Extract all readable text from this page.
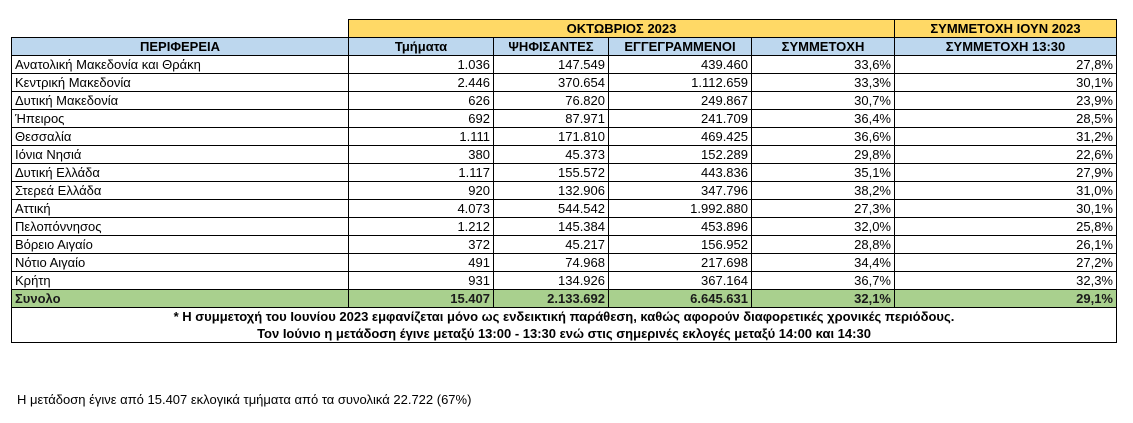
	ΟΚΤΩΒΡΙΟΣ 2023				ΣΥΜΜΕΤΟΧΗ ΙΟΥΝ 2023
ΠΕΡΙΦΕΡΕΙΑ	Τμήματα	ΨΗΦΙΣΑΝΤΕΣ	ΕΓΓΕΓΡΑΜΜΕΝΟΙ	ΣΥΜΜΕΤΟΧΗ	ΣΥΜΜΕΤΟΧΗ 13:30
Ανατολική Μακεδονία και Θράκη	1.036	147.549	439.460	33,6%	27,8%
Κεντρική Μακεδονία	2.446	370.654	1.112.659	33,3%	30,1%
Δυτική Μακεδονία	626	76.820	249.867	30,7%	23,9%
Ήπειρος	692	87.971	241.709	36,4%	28,5%
Θεσσαλία	1.111	171.810	469.425	36,6%	31,2%
Ιόνια Νησιά	380	45.373	152.289	29,8%	22,6%
Δυτική Ελλάδα	1.117	155.572	443.836	35,1%	27,9%
Στερεά Ελλάδα	920	132.906	347.796	38,2%	31,0%
Αττική	4.073	544.542	1.992.880	27,3%	30,1%
Πελοπόννησος	1.212	145.384	453.896	32,0%	25,8%
Βόρειο Αιγαίο	372	45.217	156.952	28,8%	26,1%
Νότιο Αιγαίο	491	74.968	217.698	34,4%	27,2%
Κρήτη	931	134.926	367.164	36,7%	32,3%
Συνολο	15.407	2.133.692	6.645.631	32,1%	29,1%

* Η συμμετοχή του Ιουνίου 2023 εμφανίζεται μόνο ως ενδεικτική παράθεση, καθώς αφορούν διαφορετικές χρονικές περιόδους.
Τον Ιούνιο η μετάδοση έγινε μεταξύ 13:00 - 13:30 ενώ στις σημερινές εκλογές μεταξύ 14:00 και 14:30					
Η μετάδοση έγινε από 15.407 εκλογικά τμήματα από τα συνολικά 22.722 (67%)
